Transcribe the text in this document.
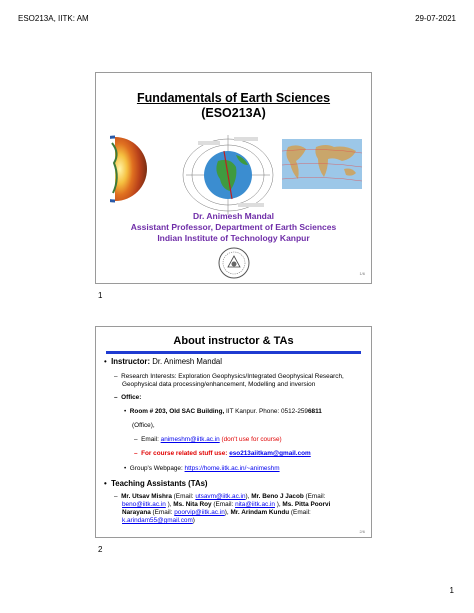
ESO213A, IITK: AM	29-07-2021
Fundamentals of Earth Sciences
(ESO213A)
Dr. Animesh Mandal
Assistant Professor, Department of Earth Sciences
Indian Institute of Technology Kanpur
1/6
1
About instructor & TAs
•  Instructor: Dr. Animesh Mandal
–  Research Interests: Exploration Geophysics/Integrated Geophysical Research,
Geophysical data processing/enhancement, Modelling and inversion
–  Office:
•  Room # 203, Old SAC Building, IIT Kanpur. Phone: 0512-2596811
(Office),
–  Email: animeshm@iitk.ac.in (don't use for course)
–  For course related stuff use: eso213aiitkam@gmail.com
•  Group's Webpage: https://home.iitk.ac.in/~animeshm
•  Teaching Assistants (TAs)
–  Mr. Utsav Mishra (Email: utsavm@iitk.ac.in), Mr. Beno J Jacob (Email:
beno@iitk.ac.in ), Ms. Nita Roy (Email: nita@iitk.ac.in ), Ms. Pitta Poorvi
Narayana (Email: poorvip@iitk.ac.in), Mr. Arindam Kundu (Email:
k.arindam55@gmail.com)
2/6
2
1
